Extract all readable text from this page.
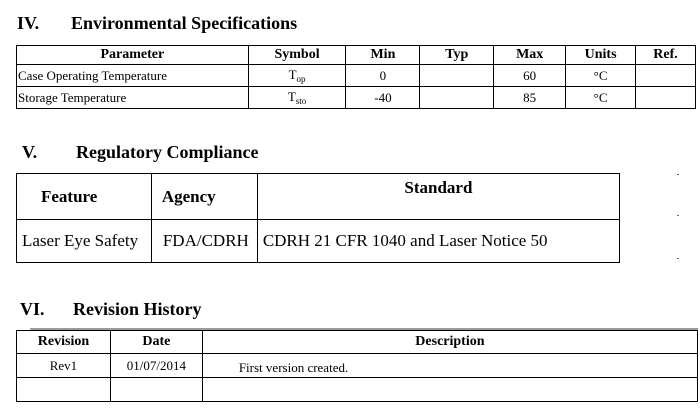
IV. Environmental Specifications
Parameter	Symbol	Min	Typ	Max	Units	Ref.
Case Operating Temperature	$T_{op}$	0		60	°C	
Storage Temperature	$T_{sto}$	-40		85	°C	
V. Regulatory Compliance
Feature	Agency	Standard
Laser Eye Safety	FDA/CDRH	CDRH 21 CFR 1040 and Laser Notice 50
VI. Revision History
Revision	Date	Description
Rev1	01/07/2014	First version created.
